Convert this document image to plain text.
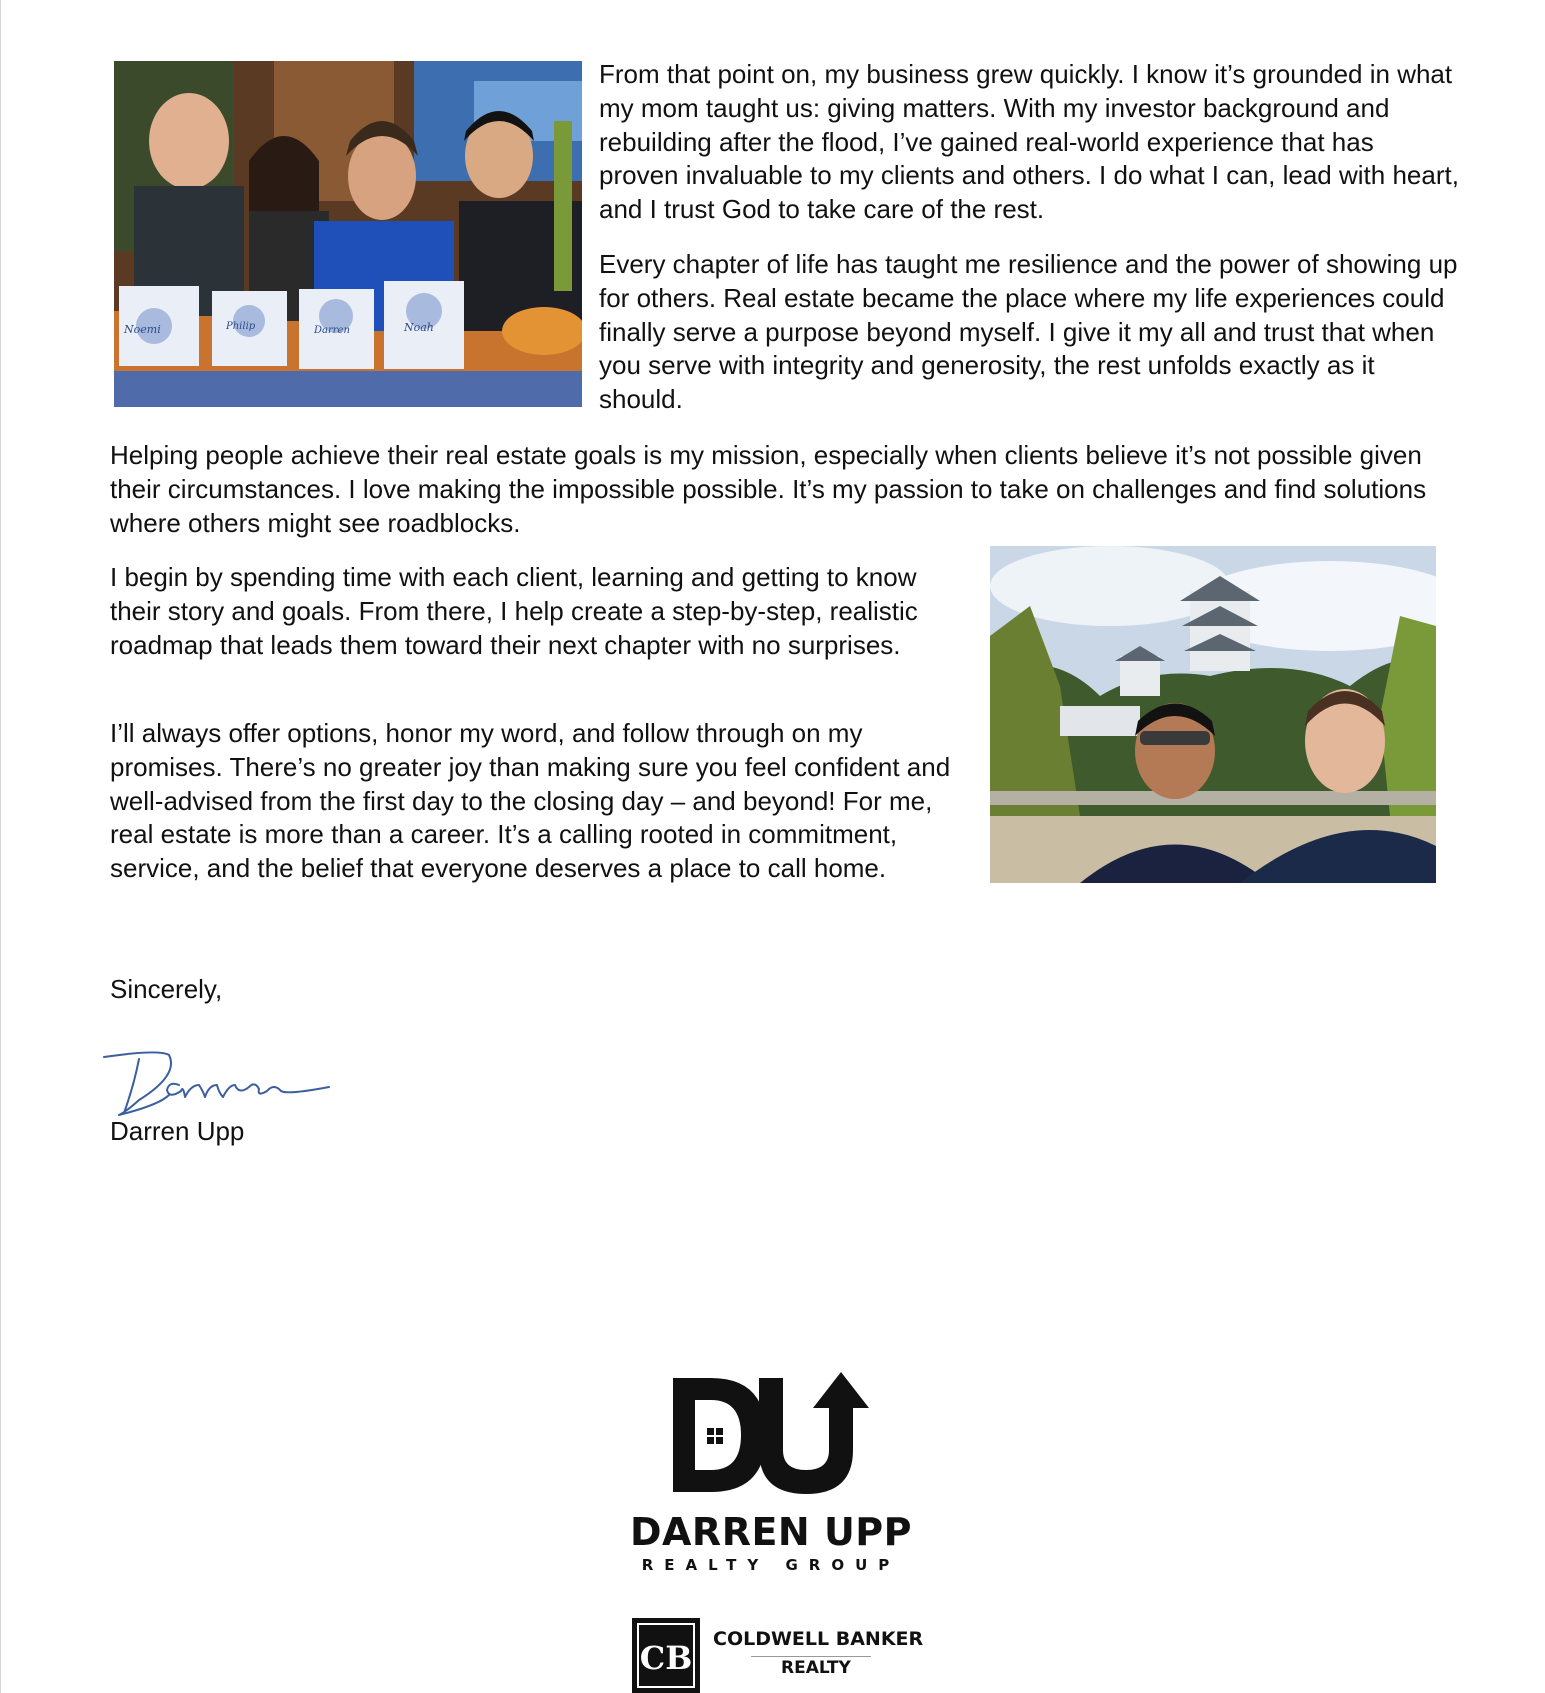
Noemi	Philip	Darren	Noah

From that point on, my business grew quickly. I know it’s grounded in what my mom taught us: giving matters. With my investor background and rebuilding after the flood, I’ve gained real-world experience that has proven invaluable to my clients and others. I do what I can, lead with heart, and I trust God to take care of the rest.

Every chapter of life has taught me resilience and the power of showing up for others. Real estate became the place where my life experiences could finally serve a purpose beyond myself. I give it my all and trust that when you serve with integrity and generosity, the rest unfolds exactly as it should.

Helping people achieve their real estate goals is my mission, especially when clients believe it’s not possible given their circumstances. I love making the impossible possible. It’s my passion to take on challenges and find solutions where others might see roadblocks.

I begin by spending time with each client, learning and getting to know their story and goals. From there, I help create a step-by-step, realistic roadmap that leads them toward their next chapter with no surprises.

I’ll always offer options, honor my word, and follow through on my promises. There’s no greater joy than making sure you feel confident and well-advised from the first day to the closing day – and beyond! For me, real estate is more than a career. It’s a calling rooted in commitment, service, and the belief that everyone deserves a place to call home.

Sincerely,
Darren Upp
DARREN UPP
REALTY GROUP
CB COLDWELL BANKER
REALTY
